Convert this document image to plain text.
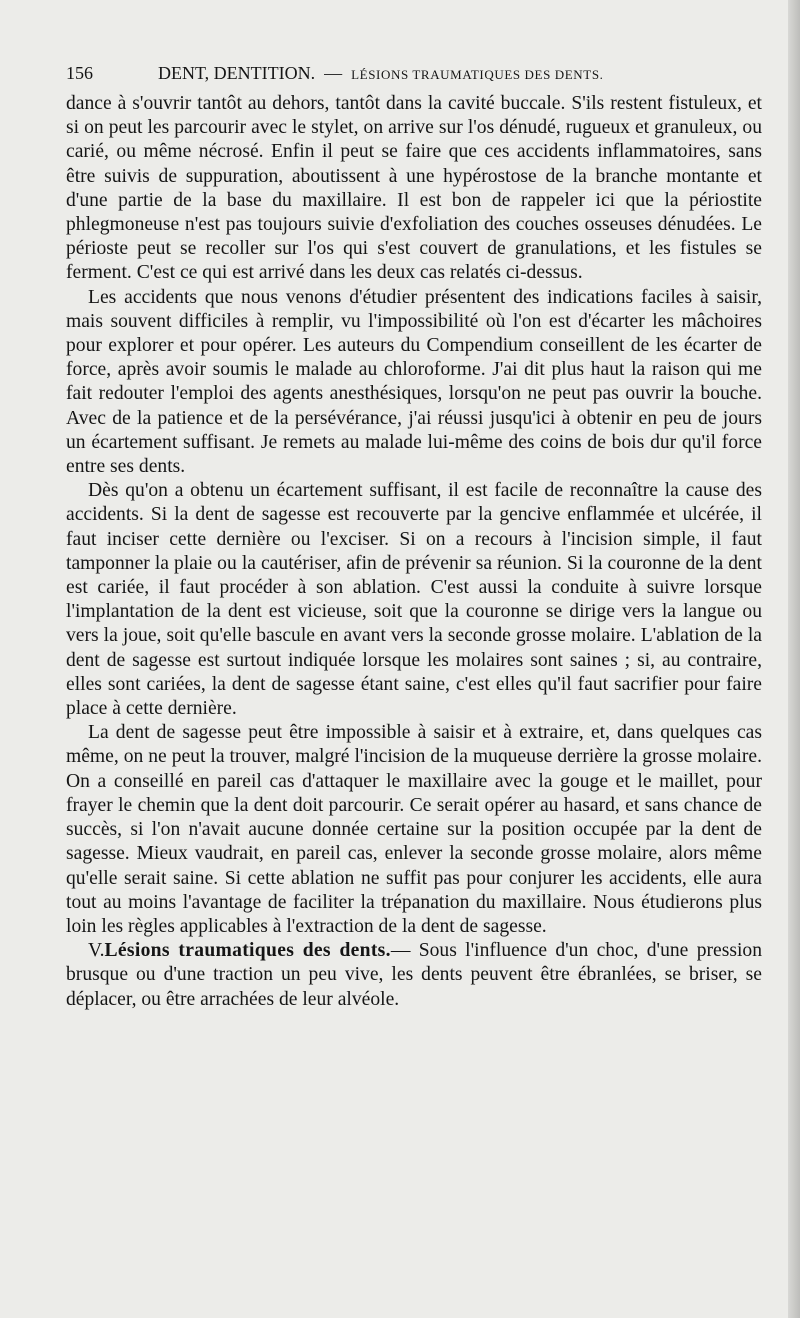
156	DENT, DENTITION. — LÉSIONS TRAUMATIQUES DES DENTS.

dance à s'ouvrir tantôt au dehors, tantôt dans la cavité buccale. S'ils restent fistuleux, et si on peut les parcourir avec le stylet, on arrive sur l'os dénudé, rugueux et granuleux, ou carié, ou même nécrosé. Enfin il peut se faire que ces accidents inflammatoires, sans être suivis de suppuration, aboutissent à une hypérostose de la branche montante et d'une partie de la base du maxillaire. Il est bon de rappeler ici que la périostite phlegmoneuse n'est pas toujours suivie d'exfoliation des couches osseuses dénudées. Le périoste peut se recoller sur l'os qui s'est couvert de granulations, et les fistules se ferment. C'est ce qui est arrivé dans les deux cas relatés ci-dessus.

Les accidents que nous venons d'étudier présentent des indications faciles à saisir, mais souvent difficiles à remplir, vu l'impossibilité où l'on est d'écarter les mâchoires pour explorer et pour opérer. Les auteurs du Compendium conseillent de les écarter de force, après avoir soumis le malade au chloroforme. J'ai dit plus haut la raison qui me fait redouter l'emploi des agents anesthésiques, lorsqu'on ne peut pas ouvrir la bouche. Avec de la patience et de la persévérance, j'ai réussi jusqu'ici à obtenir en peu de jours un écartement suffisant. Je remets au malade lui-même des coins de bois dur qu'il force entre ses dents.

Dès qu'on a obtenu un écartement suffisant, il est facile de reconnaître la cause des accidents. Si la dent de sagesse est recouverte par la gencive enflammée et ulcérée, il faut inciser cette dernière ou l'exciser. Si on a recours à l'incision simple, il faut tamponner la plaie ou la cautériser, afin de prévenir sa réunion. Si la couronne de la dent est cariée, il faut procéder à son ablation. C'est aussi la conduite à suivre lorsque l'implantation de la dent est vicieuse, soit que la couronne se dirige vers la langue ou vers la joue, soit qu'elle bascule en avant vers la seconde grosse molaire. L'ablation de la dent de sagesse est surtout indiquée lorsque les molaires sont saines ; si, au contraire, elles sont cariées, la dent de sagesse étant saine, c'est elles qu'il faut sacrifier pour faire place à cette dernière.

La dent de sagesse peut être impossible à saisir et à extraire, et, dans quelques cas même, on ne peut la trouver, malgré l'incision de la muqueuse derrière la grosse molaire. On a conseillé en pareil cas d'attaquer le maxillaire avec la gouge et le maillet, pour frayer le chemin que la dent doit parcourir. Ce serait opérer au hasard, et sans chance de succès, si l'on n'avait aucune donnée certaine sur la position occupée par la dent de sagesse. Mieux vaudrait, en pareil cas, enlever la seconde grosse molaire, alors même qu'elle serait saine. Si cette ablation ne suffit pas pour conjurer les accidents, elle aura tout au moins l'avantage de faciliter la trépanation du maxillaire. Nous étudierons plus loin les règles applicables à l'extraction de la dent de sagesse.

V.Lésions traumatiques des dents.— Sous l'influence d'un choc, d'une pression brusque ou d'une traction un peu vive, les dents peuvent être ébranlées, se briser, se déplacer, ou être arrachées de leur alvéole.
